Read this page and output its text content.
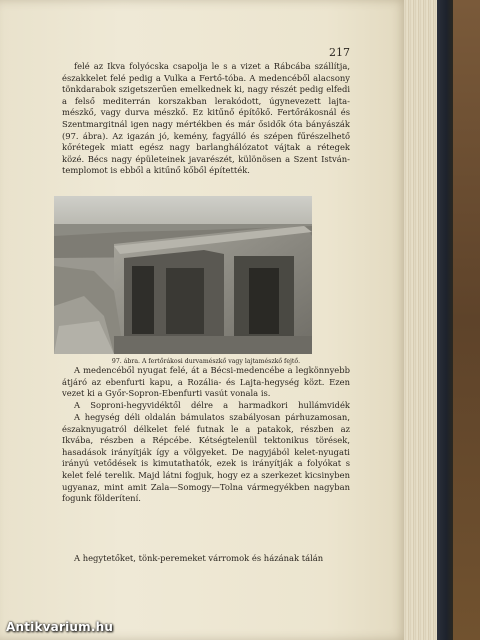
217

felé az Ikva folyócska csapolja le s a vizet a Rábcába szállítja, északkelet felé pedig a Vulka a Fertő-tóba. A medencéből alacsony tönkdarabok szigetszerűen emelkednek ki, nagy részét pedig elfedi a felső mediterrán korszakban lerakódott, úgynevezett lajta-mészkő, vagy durva mészkő. Ez kitűnő építőkő. Fertőrákosnál és Szentmargitnál igen nagy mértékben és már ősidők óta bányászák (97. ábra). Az igazán jó, kemény, fagyálló és szépen fűrészelhető kőrétegek miatt egész nagy barlanghálózatot vájtak a rétegek közé. Bécs nagy épületeinek javarészét, különösen a Szent István-templomot is ebből a kitűnő kőből építették.

97. ábra. A fertőrákosi durvamészkő vagy lajtamészkő fejtő.

A medencéből nyugat felé, át a Bécsi-medencébe a legkönnyebb átjáró az ebenfurti kapu, a Rozália- és Lajta-hegység közt. Ezen vezet ki a Győr-Sopron-Ebenfurti vasút vonala is.

A Soproni-hegyvidéktől délre a harmadkori hullámvidék

A hegység déli oldalán bámulatos szabályosan párhuzamosan, északnyugatról délkelet felé futnak le a patakok, részben az Ikvába, részben a Répcébe. Kétségtelenül tektonikus törések, hasadások irányítják így a völgyeket. De nagyjából kelet-nyugati irányú vetődések is kimutathatók, ezek is irányítják a folyókat s kelet felé terelik. Majd látni fogjuk, hogy ez a szerkezet kicsinyben ugyanaz, mint amit Zala—Somogy—Tolna vármegyékben nagyban fogunk földerítení.

A hegytetőket, tönk-peremeket várromok és házának tálán

Antikvarium.hu
